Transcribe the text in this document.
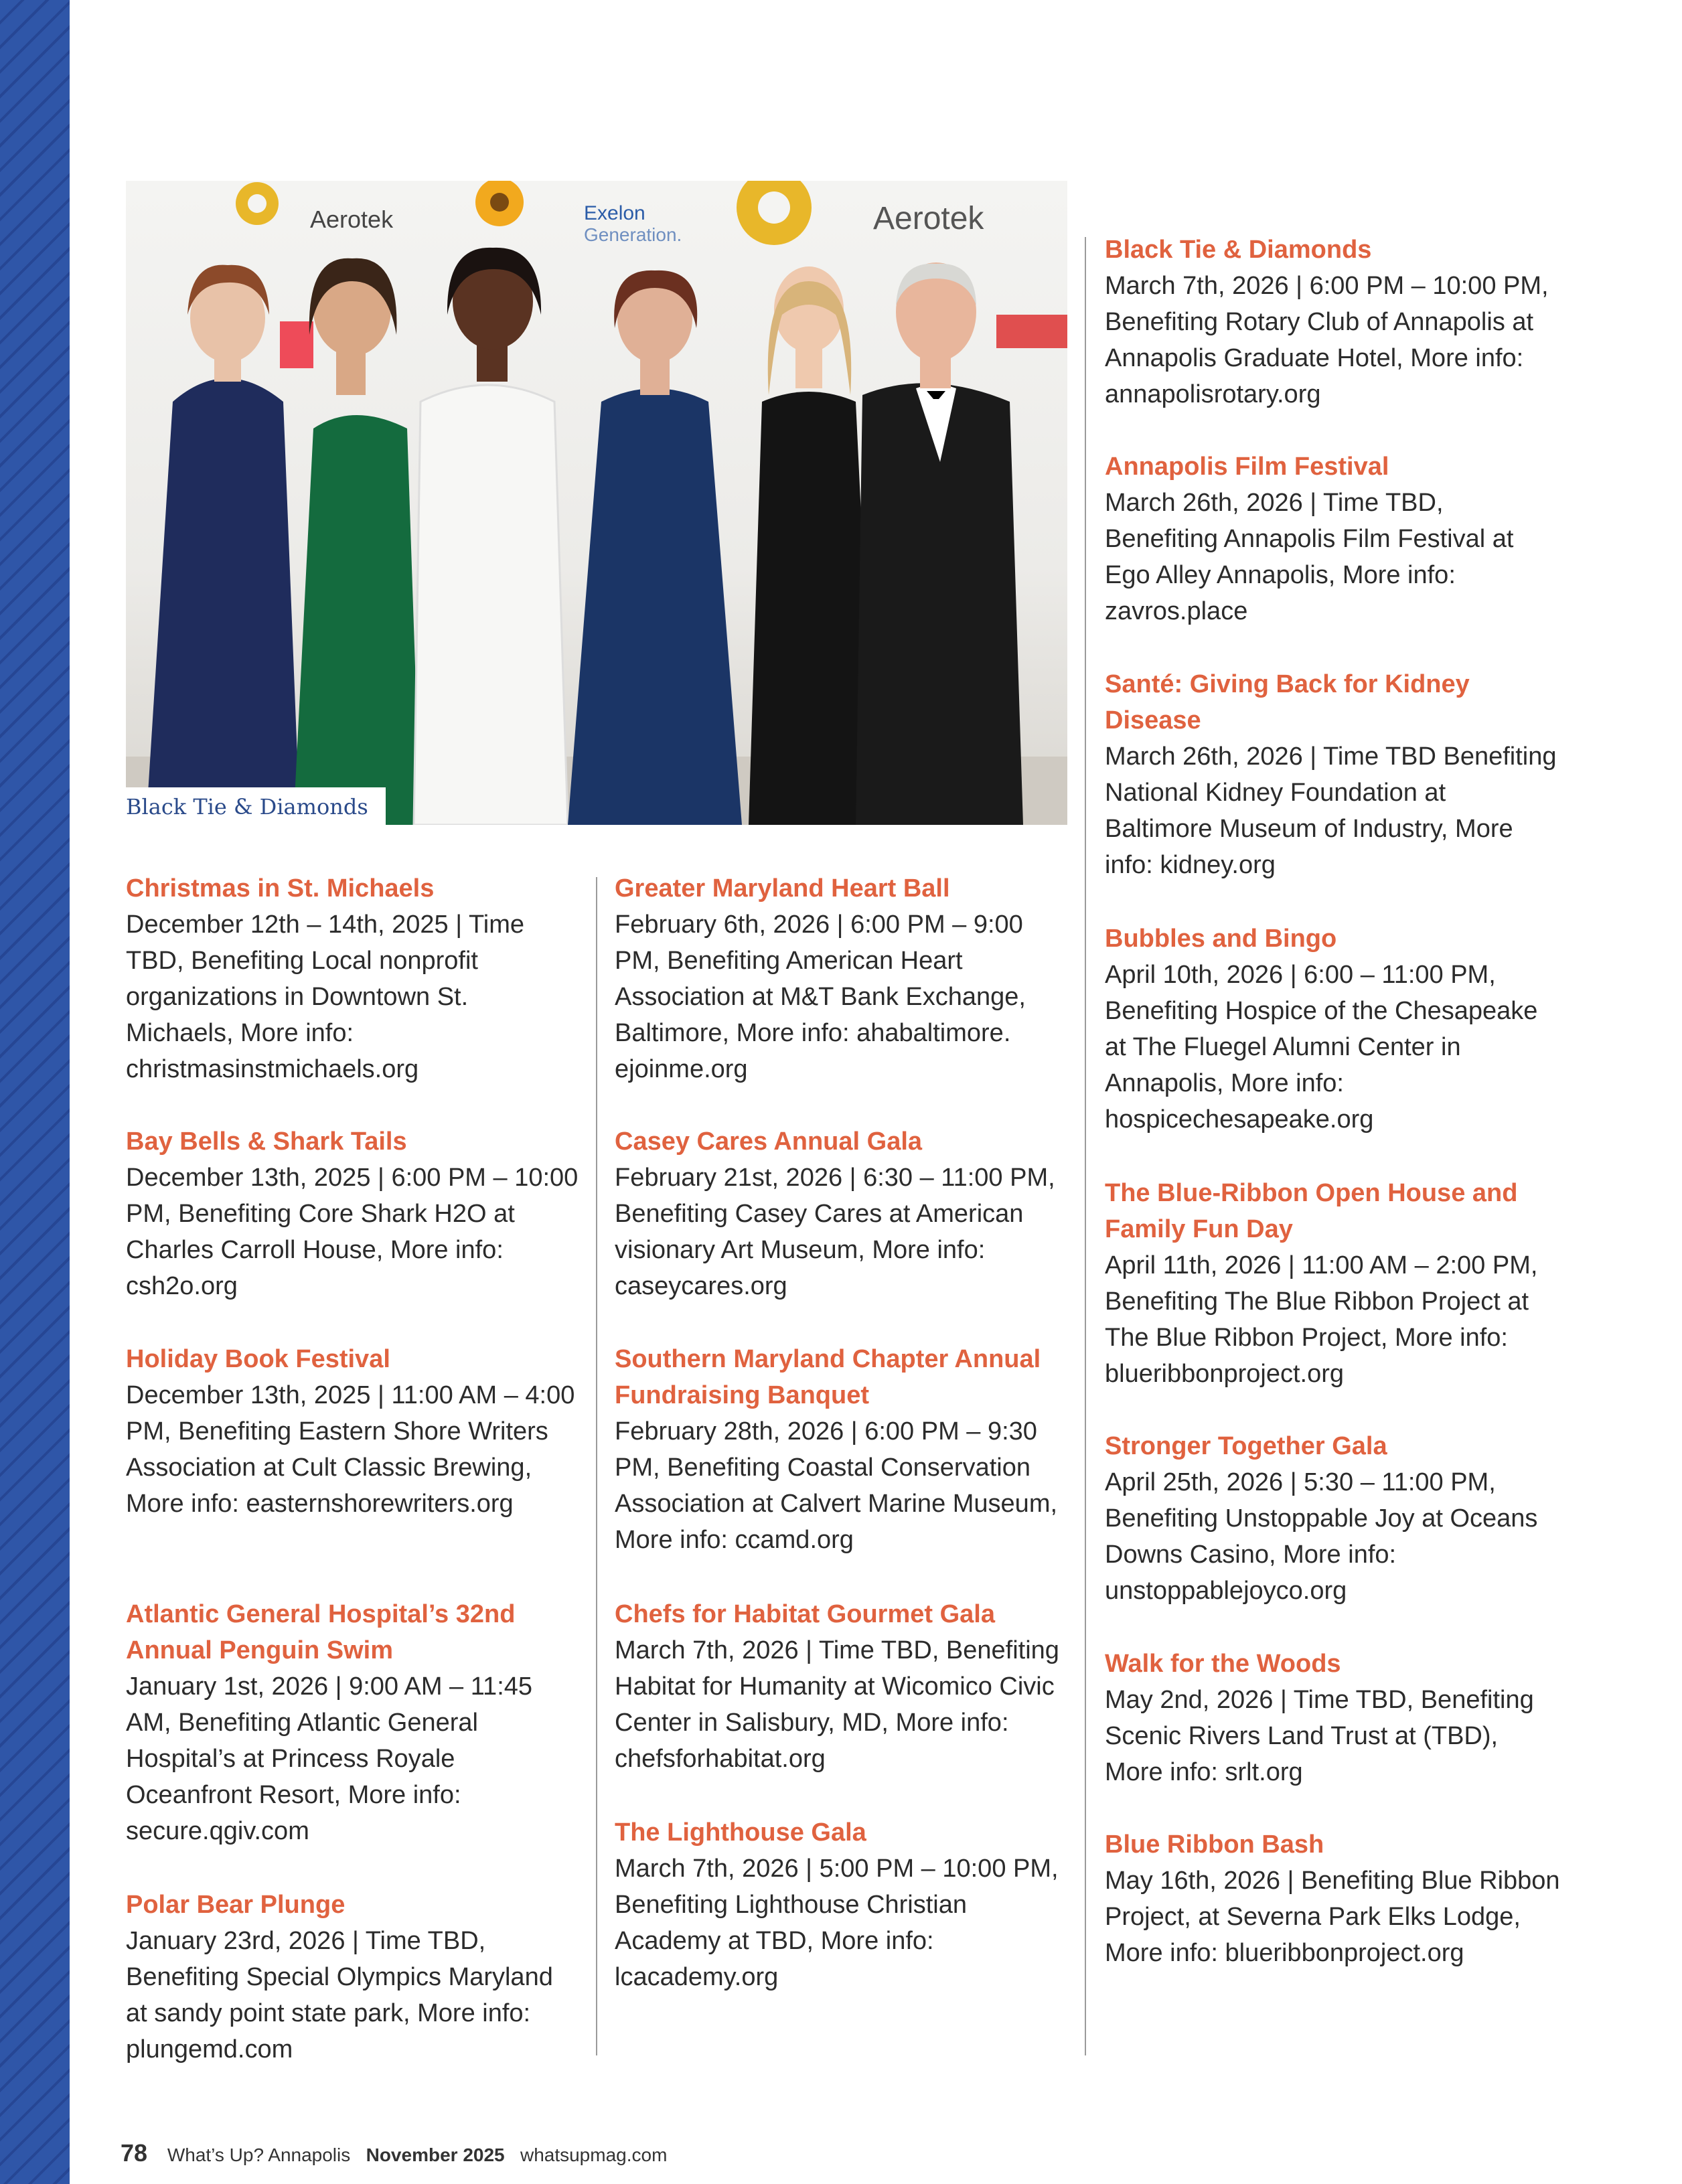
Aerotek	Exelon
Generation.	Aerotek
Black Tie & Diamonds
Christmas in St. Michaels

December 12th – 14th, 2025 | Time TBD, Benefiting Local nonprofit organizations in Downtown St. Michaels, More info: christmasinstmichaels.org

Bay Bells & Shark Tails

December 13th, 2025 | 6:00 PM – 10:00 PM, Benefiting Core Shark H2O at Charles Carroll House, More info: csh2o.org

Holiday Book Festival

December 13th, 2025 | 11:00 AM – 4:00 PM, Benefiting Eastern Shore Writers Association at Cult Classic Brewing, More info: easternshorewriters.org

Atlantic General Hospital’s 32nd Annual Penguin Swim

January 1st, 2026 | 9:00 AM – 11:45 AM, Benefiting Atlantic General Hospital’s at Princess Royale Oceanfront Resort, More info: secure.qgiv.com

Polar Bear Plunge

January 23rd, 2026 | Time TBD, Benefiting Special Olympics Maryland at sandy point state park, More info: plungemd.com

Greater Maryland Heart Ball

February 6th, 2026 | 6:00 PM – 9:00 PM, Benefiting American Heart Association at M&T Bank Exchange, Baltimore, More info: ahabaltimore. ejoinme.org

Casey Cares Annual Gala

February 21st, 2026 | 6:30 – 11:00 PM, Benefiting Casey Cares at American visionary Art Museum, More info: caseycares.org

Southern Maryland Chapter Annual Fundraising Banquet

February 28th, 2026 | 6:00 PM – 9:30 PM, Benefiting Coastal Conservation Association at Calvert Marine Museum, More info: ccamd.org

Chefs for Habitat Gourmet Gala

March 7th, 2026 | Time TBD, Benefiting Habitat for Humanity at Wicomico Civic Center in Salisbury, MD, More info: chefsforhabitat.org

The Lighthouse Gala

March 7th, 2026 | 5:00 PM – 10:00 PM, Benefiting Lighthouse Christian Academy at TBD, More info: lcacademy.org

Black Tie & Diamonds

March 7th, 2026 | 6:00 PM – 10:00 PM, Benefiting Rotary Club of Annapolis at Annapolis Graduate Hotel, More info: annapolisrotary.org

Annapolis Film Festival

March 26th, 2026 | Time TBD, Benefiting Annapolis Film Festival at Ego Alley Annapolis, More info: zavros.place

Santé: Giving Back for Kidney Disease

March 26th, 2026 | Time TBD Benefiting National Kidney Foundation at Baltimore Museum of Industry, More info: kidney.org

Bubbles and Bingo

April 10th, 2026 | 6:00 – 11:00 PM, Benefiting Hospice of the Chesapeake at The Fluegel Alumni Center in Annapolis, More info: hospicechesapeake.org

The Blue-Ribbon Open House and Family Fun Day

April 11th, 2026 | 11:00 AM – 2:00 PM, Benefiting The Blue Ribbon Project at The Blue Ribbon Project, More info: blueribbonproject.org

Stronger Together Gala

April 25th, 2026 | 5:30 – 11:00 PM, Benefiting Unstoppable Joy at Oceans Downs Casino, More info: unstoppablejoyco.org

Walk for the Woods

May 2nd, 2026 | Time TBD, Benefiting Scenic Rivers Land Trust at (TBD), More info: srlt.org

Blue Ribbon Bash

May 16th, 2026 | Benefiting Blue Ribbon Project, at Severna Park Elks Lodge, More info: blueribbonproject.org

78 What’s Up? Annapolis November 2025 whatsupmag.com
